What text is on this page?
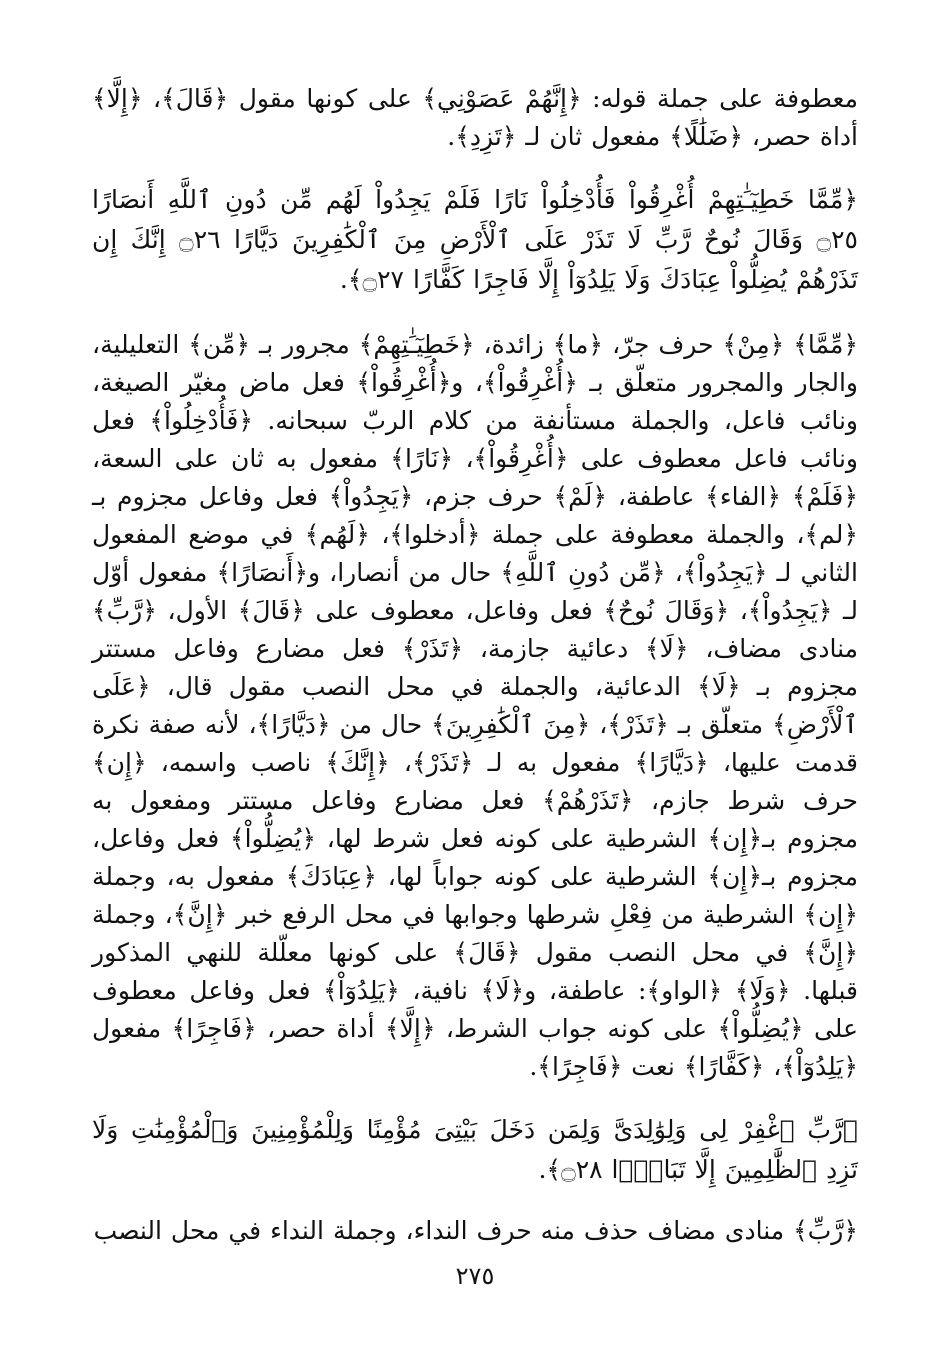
معطوفة على جملة قوله: ﴿إِنَّهُمْ عَصَوْنِي﴾ على كونها مقول ﴿قَالَ﴾، ﴿إِلَّا﴾ أداة حصر، ﴿ضَلَٰلًا﴾ مفعول ثان لـ ﴿تَزِدِ﴾.

﴿مِّمَّا خَطِيٓـَٰتِهِمْ أُغْرِقُواْ فَأُدْخِلُواْ نَارًا فَلَمْ يَجِدُواْ لَهُم مِّن دُونِ ٱللَّهِ أَنصَارًا ۝٢٥ وَقَالَ نُوحٌ رَّبِّ لَا تَذَرْ عَلَى ٱلْأَرْضِ مِنَ ٱلْكَٰفِرِينَ دَيَّارًا ۝٢٦ إِنَّكَ إِن تَذَرْهُمْ يُضِلُّواْ عِبَادَكَ وَلَا يَلِدُوٓاْ إِلَّا فَاجِرًا كَفَّارًا ۝٢٧﴾.

﴿مِّمَّا﴾ ﴿مِنْ﴾ حرف جرّ، ﴿ما﴾ زائدة، ﴿خَطِيٓـَٰتِهِمْ﴾ مجرور بـ ﴿مِّن﴾ التعليلية، والجار والمجرور متعلّق بـ ﴿أُغْرِقُواْ﴾، و﴿أُغْرِقُواْ﴾ فعل ماض مغيّر الصيغة، ونائب فاعل، والجملة مستأنفة من كلام الربّ سبحانه. ﴿فَأُدْخِلُواْ﴾ فعل ونائب فاعل معطوف على ﴿أُغْرِقُواْ﴾، ﴿نَارًا﴾ مفعول به ثان على السعة، ﴿فَلَمْ﴾ ﴿الفاء﴾ عاطفة، ﴿لَمْ﴾ حرف جزم، ﴿يَجِدُواْ﴾ فعل وفاعل مجزوم بـ ﴿لم﴾، والجملة معطوفة على جملة ﴿أدخلوا﴾، ﴿لَهُم﴾ في موضع المفعول الثاني لـ ﴿يَجِدُواْ﴾، ﴿مِّن دُونِ ٱللَّهِ﴾ حال من أنصارا، و﴿أَنصَارًا﴾ مفعول أوّل لـ ﴿يَجِدُواْ﴾، ﴿وَقَالَ نُوحٌ﴾ فعل وفاعل، معطوف على ﴿قَالَ﴾ الأول، ﴿رَّبِّ﴾ منادى مضاف، ﴿لَا﴾ دعائية جازمة، ﴿تَذَرْ﴾ فعل مضارع وفاعل مستتر مجزوم بـ ﴿لَا﴾ الدعائية، والجملة في محل النصب مقول قال، ﴿عَلَى ٱلْأَرْضِ﴾ متعلّق بـ ﴿تَذَرْ﴾، ﴿مِنَ ٱلْكَٰفِرِينَ﴾ حال من ﴿دَيَّارًا﴾، لأنه صفة نكرة قدمت عليها، ﴿دَيَّارًا﴾ مفعول به لـ ﴿تَذَرْ﴾، ﴿إِنَّكَ﴾ ناصب واسمه، ﴿إِن﴾ حرف شرط جازم، ﴿تَذَرْهُمْ﴾ فعل مضارع وفاعل مستتر ومفعول به مجزوم بـ﴿إِن﴾ الشرطية على كونه فعل شرط لها، ﴿يُضِلُّواْ﴾ فعل وفاعل، مجزوم بـ﴿إِن﴾ الشرطية على كونه جواباً لها، ﴿عِبَادَكَ﴾ مفعول به، وجملة ﴿إِن﴾ الشرطية من فِعْلِ شرطها وجوابها في محل الرفع خبر ﴿إِنَّ﴾، وجملة ﴿إِنَّ﴾ في محل النصب مقول ﴿قَالَ﴾ على كونها معلّلة للنهي المذكور قبلها. ﴿وَلَا﴾ ﴿الواو﴾: عاطفة، و﴿لَا﴾ نافية، ﴿يَلِدُوٓاْ﴾ فعل وفاعل معطوف على ﴿يُضِلُّواْ﴾ على كونه جواب الشرط، ﴿إِلَّا﴾ أداة حصر، ﴿فَاجِرًا﴾ مفعول ﴿يَلِدُوٓاْ﴾، ﴿كَفَّارًا﴾ نعت ﴿فَاجِرًا﴾.

﴿رَّبِّ ٱغْفِرْ لِى وَلِوَٰلِدَىَّ وَلِمَن دَخَلَ بَيْتِىَ مُؤْمِنًا وَلِلْمُؤْمِنِينَ وَٱلْمُؤْمِنَٰتِ وَلَا تَزِدِ ٱلظَّٰلِمِينَ إِلَّا تَبَارًۢا ۝٢٨﴾.

﴿رَّبِّ﴾ منادى مضاف حذف منه حرف النداء، وجملة النداء في محل النصب

٢٧٥
